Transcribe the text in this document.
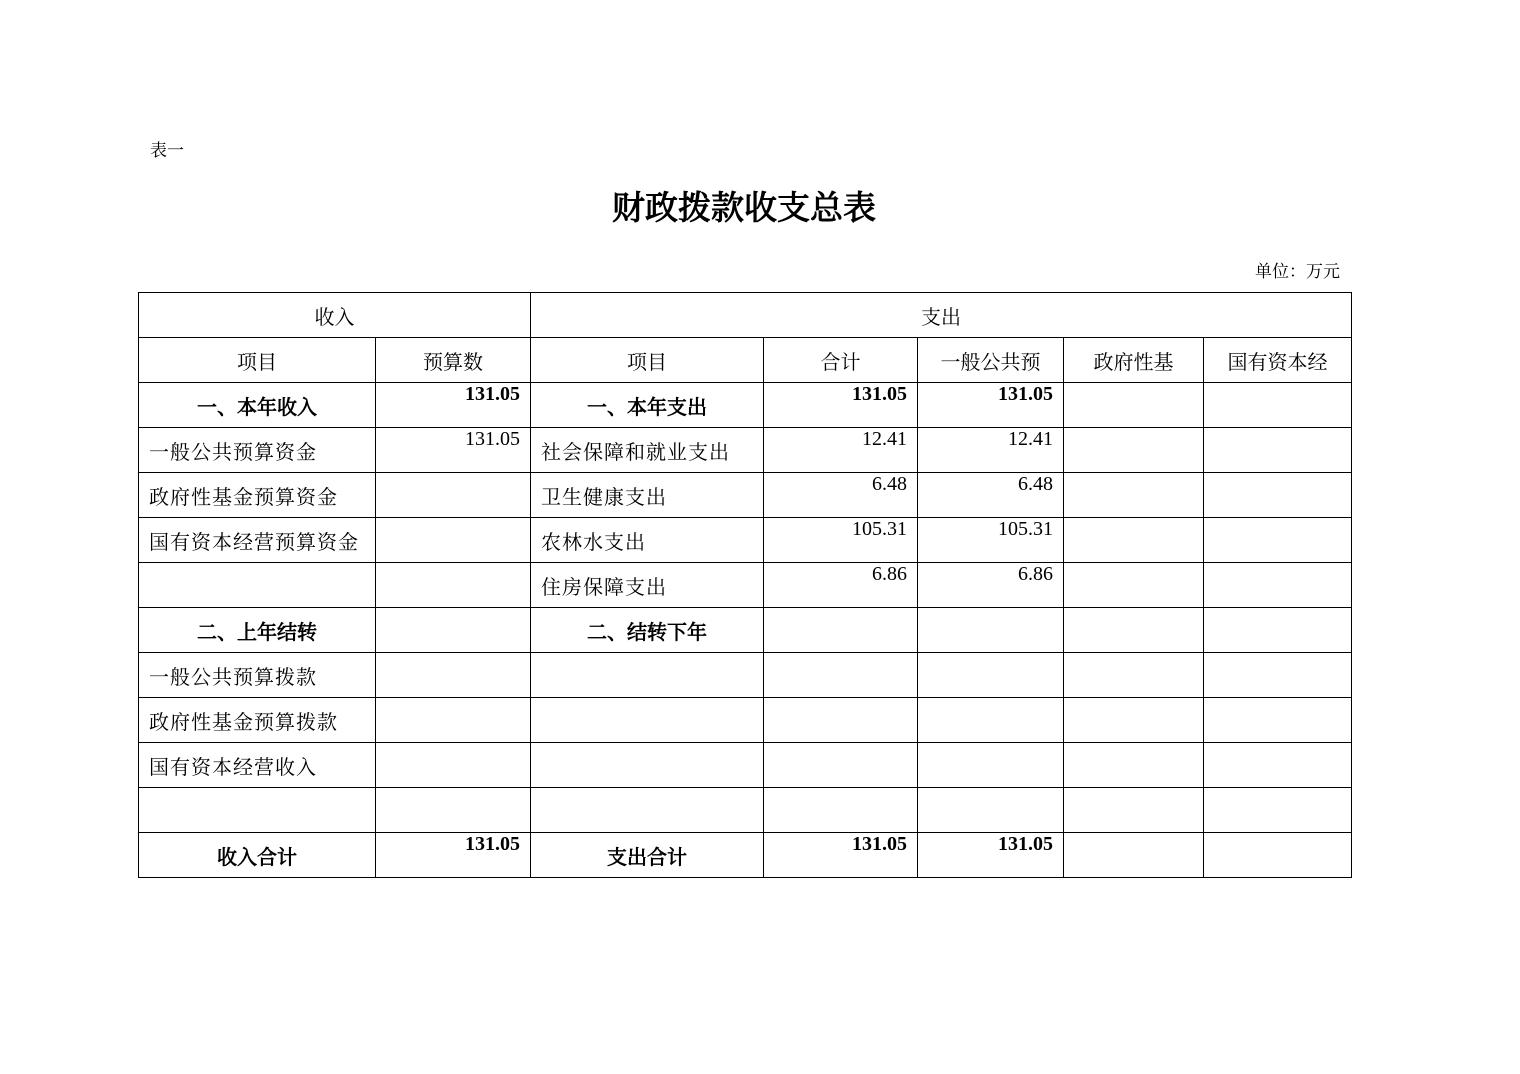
表一
财政拨款收支总表
单位：万元
收入		支出				
项目	预算数	项目	合计	一般公共预	政府性基	国有资本经
一、本年收入	131.05	一、本年支出	131.05	131.05		
一般公共预算资金	131.05	社会保障和就业支出	12.41	12.41		
政府性基金预算资金		卫生健康支出	6.48	6.48		
国有资本经营预算资金		农林水支出	105.31	105.31		
		住房保障支出	6.86	6.86		
二、上年结转		二、结转下年				
一般公共预算拨款						
政府性基金预算拨款						
国有资本经营收入						

收入合计	131.05	支出合计	131.05	131.05		
